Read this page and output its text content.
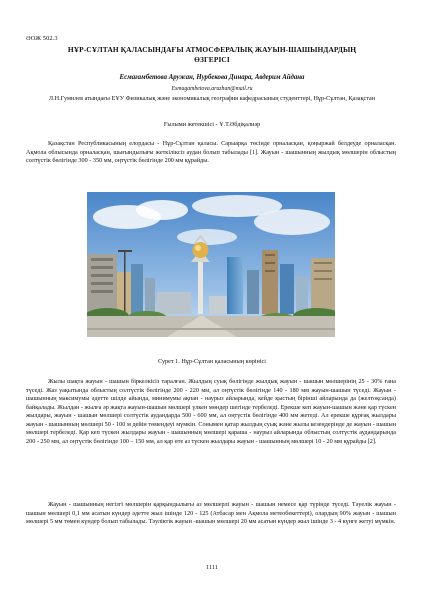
ӘОЖ 502.3
НҰР-СҰЛТАН ҚАЛАСЫНДАҒЫ АТМОСФЕРАЛЫҚ ЖАУЫН-ШАШЫНДАРДЫҢ
ӨЗГЕРІСІ
Есмағамбетова Аружан, Нурбекова Динара, Авдерим Айдана
Esmagambetova.aruzhan@mail.ru
Л.Н.Гумилев атындағы ЕҰУ Физикалық және экономикалық география кафедрасының студенттері, Нұр-Сұлтан, Қазақстан
Ғылыми жетекшісі - Ұ.Т.Әбдіқалиәр

Қазақстан Республикасының елордасы - Нұр-Сұлтан қаласы. Сарыарқа төсінде орналасқан, қоңыржай белдеуде орналасқан. Ақмола облысында орналасқан, шығындылығы жеткіліксіз аудан болып табылады [1]. Жауын - шашынның жылдық мөлшерін облыстың солтүстік бөлігінде 300 - 350 мм, оңтүстік бөлігінде 200 мм құрайды.

Сурет 1. Нұр-Сұлтан қаласының көрінісі

Жылы шақта жауын - шашын біркелкісіз таралған. Жылдың суық бөлігінде жылдық жауын - шашын мөлшерінің 25 - 30% ғана түседі. Жаз уақытында облыстың солтүстік бөлігінде 200 - 220 мм, ал оңтүстік бөлігінде 140 - 180 мм жауын-шашын түседі. Жауын - шашынның максимумы әдетте шілде айында, минимумы ақпан - наурыз айларында, кейде қыстың бірінші айларында да (желтоқсанда) байқалады. Жылдан - жылға әр жақта жауын-шашын мөлшері үлкен мөндер шегінде тербеледі. Ерекше кеп жауын-шашын және қар түскен жылдары, жауын - шашын мөлшері солтүстік аудандарда 500 - 600 мм, ал оңтүстік бөлігінде 400 мм жетеді. Ал ерекше құрғақ жылдары жауын - шашынның мөлшері 50 - 100 м дейін төмендеуі мүмкін. Сонымен қатар жылдың суық және жылы кезеңдерінде де жауын - шашын мөлшері тербеледі. Қар кеп түскен жылдары жауын - шашынның мөлшері қараша - наурыз айларында облыстың солтүстік аудандарында 200 - 250 мм, ал оңтүстік бөлігінде 100 – 150 мм, ал қар өте аз түскен жылдары жауын - шашынның мөлшері 10 - 20 мм құрайды [2].

Жауын - шашынның негізгі мөлшерін қарқындылығы аз мөлшерлі жауын - шашын немесе қар түрінде түседі. Тәуелік жауын - шашын мөлшері 0,1 мм асатын күндер әдетте жыл ішінде 120 - 125 (Атбасар мен Ақмола метеобекеттері), олардың 90% жауын - шашын мөлшері 5 мм төмен күндер болып табылады. Тәуліктік жауын -шашын мөлшері 20 мм асатын күндер жыл ішінде 3 - 4 күнге жетуі мүмкін.

1111
